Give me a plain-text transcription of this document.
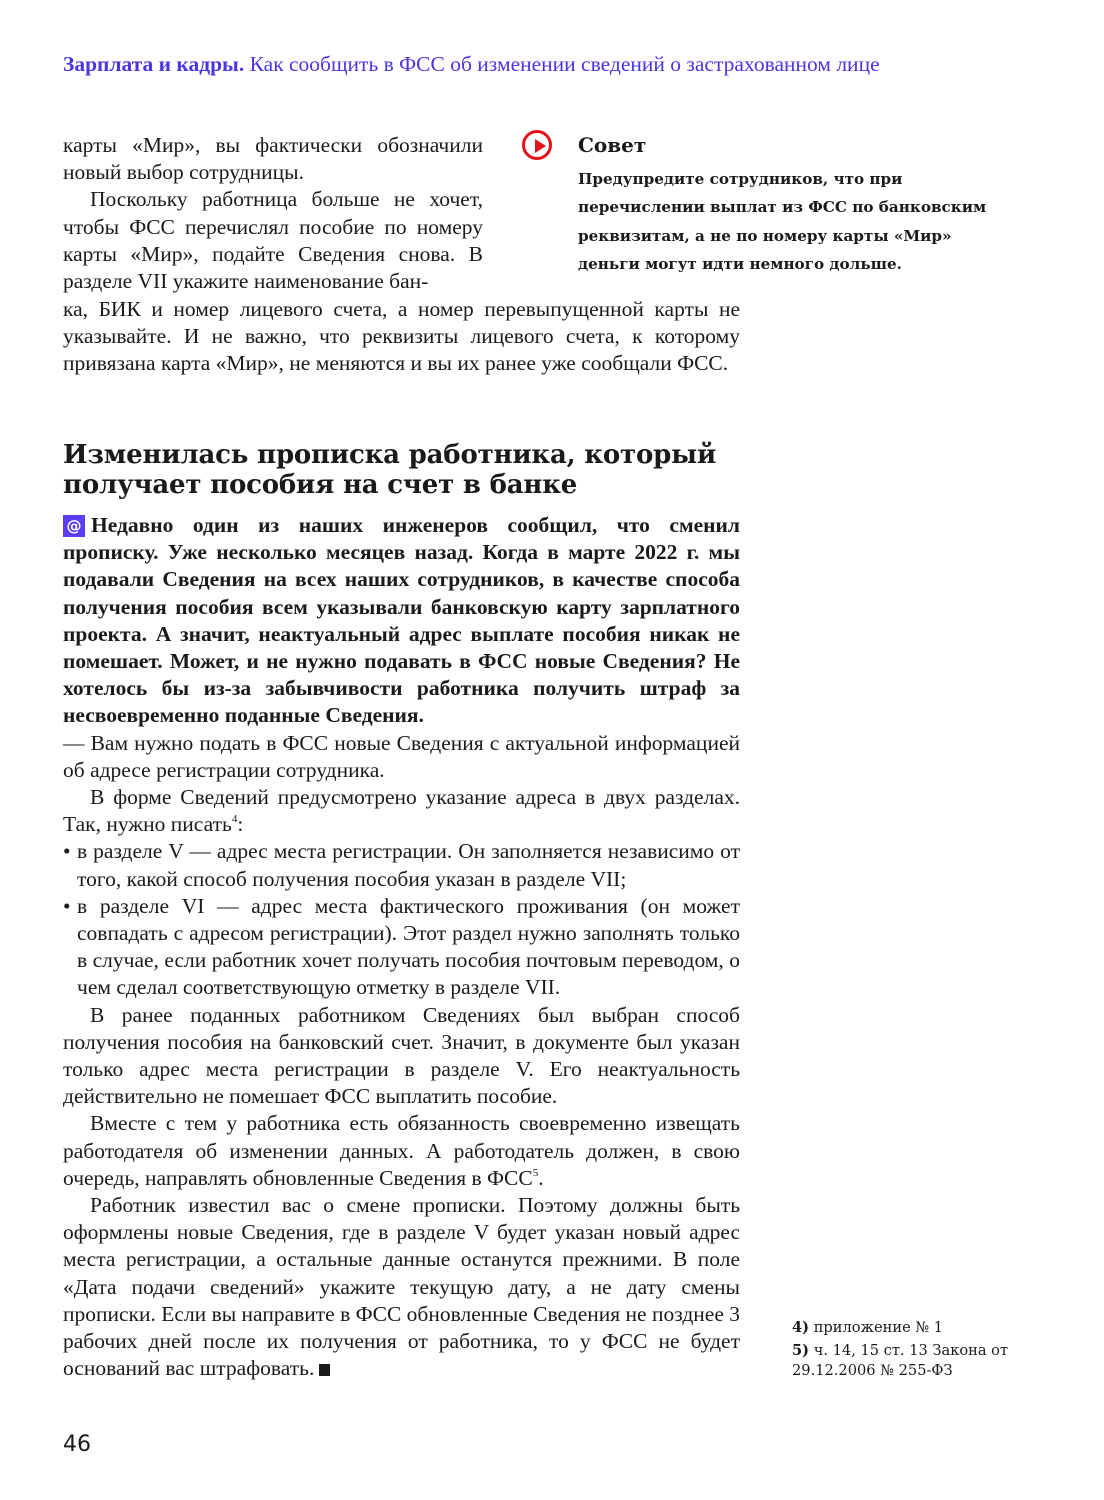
Зарплата и кадры. Как сообщить в ФСС об изменении сведений о застрахованном лице

карты «Мир», вы фактически обозначили новый выбор сотрудницы.

Поскольку работница больше не хочет, чтобы ФСС перечислял пособие по номеру карты «Мир», подайте Сведения снова. В разделе VII укажите наименование бан-

ка, БИК и номер лицевого счета, а номер перевыпущенной карты не указывайте. И не важно, что реквизиты лицевого счета, к которому привязана карта «Мир», не меняются и вы их ранее уже сообщали ФСС.

Совет
Предупредите сотрудников, что при перечислении выплат из ФСС по банковским реквизитам, а не по номеру карты «Мир» деньги могут идти немного дольше.
Изменилась прописка работника, который
получает пособия на счет в банке

@ Недавно один из наших инженеров сообщил, что сменил прописку. Уже несколько месяцев назад. Когда в марте 2022 г. мы подавали Сведения на всех наших сотрудников, в качестве способа получения пособия всем указывали банковскую карту зарплатного проекта. А значит, неактуальный адрес выплате пособия никак не помешает. Может, и не нужно подавать в ФСС новые Сведения? Не хотелось бы из-за забывчивости работника получить штраф за несвоевременно поданные Сведения.

— Вам нужно подать в ФСС новые Сведения с актуальной информацией об адресе регистрации сотрудника.

В форме Сведений предусмотрено указание адреса в двух разделах. Так, нужно писать$^4$:

• в разделе V — адрес места регистрации. Он заполняется независимо от того, какой способ получения пособия указан в разделе VII;
• в разделе VI — адрес места фактического проживания (он может совпадать с адресом регистрации). Этот раздел нужно заполнять только в случае, если работник хочет получать пособия почтовым переводом, о чем сделал соответствующую отметку в разделе VII.

В ранее поданных работником Сведениях был выбран способ получения пособия на банковский счет. Значит, в документе был указан только адрес места регистрации в разделе V. Его неактуальность действительно не помешает ФСС выплатить пособие.

Вместе с тем у работника есть обязанность своевременно извещать работодателя об изменении данных. А работодатель должен, в свою очередь, направлять обновленные Сведения в ФСС$^5$.

Работник известил вас о смене прописки. Поэтому должны быть оформлены новые Сведения, где в разделе V будет указан новый адрес места регистрации, а остальные данные останутся прежними. В поле «Дата подачи сведений» укажите текущую дату, а не дату смены прописки. Если вы направите в ФСС обновленные Сведения не позднее 3 рабочих дней после их получения от работника, то у ФСС не будет оснований вас штрафовать.

4) приложение № 1
5) ч. 14, 15 ст. 13 Закона от 29.12.2006 № 255-ФЗ
46
